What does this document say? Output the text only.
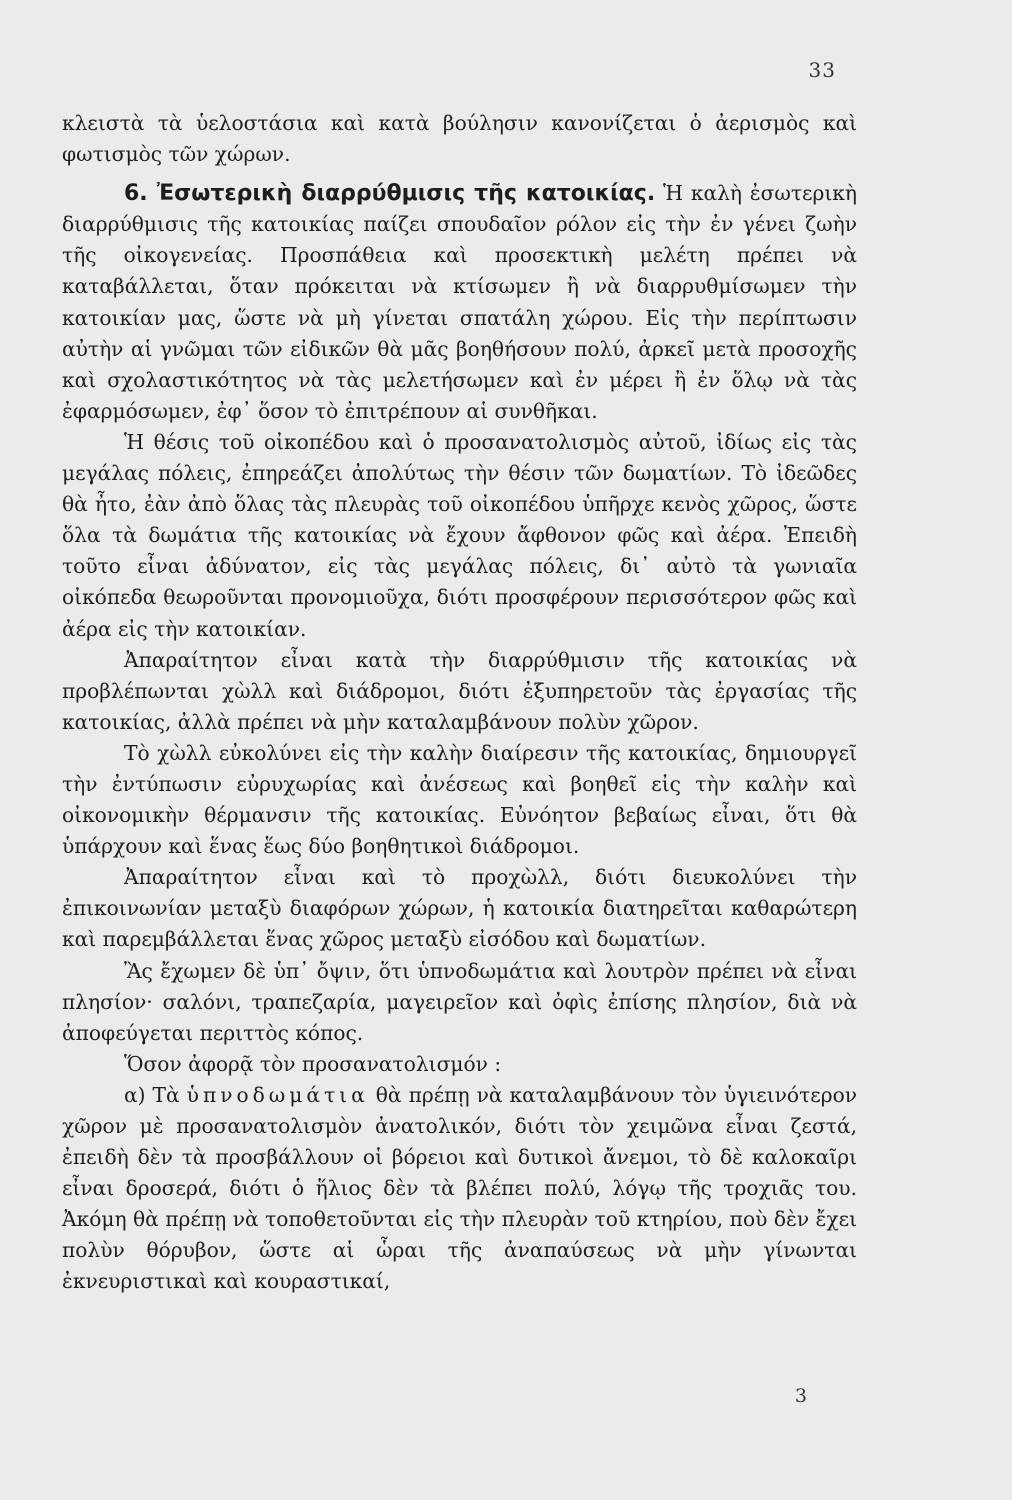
33

κλειστὰ τὰ ὑελοστάσια καὶ κατὰ βούλησιν κανονίζεται ὁ ἀερισμὸς καὶ φωτισμὸς τῶν χώρων.

6. Ἐσωτερικὴ διαρρύθμισις τῆς κατοικίας. Ἡ καλὴ ἐσωτερικὴ διαρρύθμισις τῆς κατοικίας παίζει σπουδαῖον ρόλον εἰς τὴν ἐν γένει ζωὴν τῆς οἰκογενείας. Προσπάθεια καὶ προσεκτικὴ μελέτη πρέπει νὰ καταβάλλεται, ὅταν πρόκειται νὰ κτίσωμεν ἢ νὰ διαρρυθμίσωμεν τὴν κατοικίαν μας, ὥστε νὰ μὴ γίνεται σπατάλη χώρου. Εἰς τὴν περίπτωσιν αὐτὴν αἱ γνῶμαι τῶν εἰδικῶν θὰ μᾶς βοηθήσουν πολύ, ἀρκεῖ μετὰ προσοχῆς καὶ σχολαστικότητος νὰ τὰς μελετήσωμεν καὶ ἐν μέρει ἢ ἐν ὅλῳ νὰ τὰς ἐφαρμόσωμεν, ἐφ᾽ ὅσον τὸ ἐπιτρέπουν αἱ συνθῆκαι.

Ἡ θέσις τοῦ οἰκοπέδου καὶ ὁ προσανατολισμὸς αὐτοῦ, ἰδίως εἰς τὰς μεγάλας πόλεις, ἐπηρεάζει ἀπολύτως τὴν θέσιν τῶν δωματίων. Τὸ ἰδεῶδες θὰ ἦτο, ἐὰν ἀπὸ ὅλας τὰς πλευρὰς τοῦ οἰκοπέδου ὑπῆρχε κενὸς χῶρος, ὥστε ὅλα τὰ δωμάτια τῆς κατοικίας νὰ ἔχουν ἄφθονον φῶς καὶ ἀέρα. Ἐπειδὴ τοῦτο εἶναι ἀδύνατον, εἰς τὰς μεγάλας πόλεις, δι᾽ αὐτὸ τὰ γωνιαῖα οἰκόπεδα θεωροῦνται προνομιοῦχα, διότι προσφέρουν περισσότερον φῶς καὶ ἀέρα εἰς τὴν κατοικίαν.

Ἀπαραίτητον εἶναι κατὰ τὴν διαρρύθμισιν τῆς κατοικίας νὰ προβλέπωνται χὼλλ καὶ διάδρομοι, διότι ἐξυπηρετοῦν τὰς ἐργασίας τῆς κατοικίας, ἀλλὰ πρέπει νὰ μὴν καταλαμβάνουν πολὺν χῶρον.

Τὸ χὼλλ εὐκολύνει εἰς τὴν καλὴν διαίρεσιν τῆς κατοικίας, δημιουργεῖ τὴν ἐντύπωσιν εὐρυχωρίας καὶ ἀνέσεως καὶ βοηθεῖ εἰς τὴν καλὴν καὶ οἰκονομικὴν θέρμανσιν τῆς κατοικίας. Εὐνόητον βεβαίως εἶναι, ὅτι θὰ ὑπάρχουν καὶ ἕνας ἕως δύο βοηθητικοὶ διάδρομοι.

Ἀπαραίτητον εἶναι καὶ τὸ προχὼλλ, διότι διευκολύνει τὴν ἐπικοινωνίαν μεταξὺ διαφόρων χώρων, ἡ κατοικία διατηρεῖται καθαρώτερη καὶ παρεμβάλλεται ἕνας χῶρος μεταξὺ εἰσόδου καὶ δωματίων.

Ἂς ἔχωμεν δὲ ὑπ᾽ ὄψιν, ὅτι ὑπνοδωμάτια καὶ λουτρὸν πρέπει νὰ εἶναι πλησίον· σαλόνι, τραπεζαρία, μαγειρεῖον καὶ ὀφὶς ἐπίσης πλησίον, διὰ νὰ ἀποφεύγεται περιττὸς κόπος.

Ὅσον ἀφορᾷ τὸν προσανατολισμόν :

α) Τὰ ὑπνοδωμάτια θὰ πρέπῃ νὰ καταλαμβάνουν τὸν ὑγιεινότερον χῶρον μὲ προσανατολισμὸν ἀνατολικόν, διότι τὸν χειμῶνα εἶναι ζεστά, ἐπειδὴ δὲν τὰ προσβάλλουν οἱ βόρειοι καὶ δυτικοὶ ἄνεμοι, τὸ δὲ καλοκαῖρι εἶναι δροσερά, διότι ὁ ἥλιος δὲν τὰ βλέπει πολύ, λόγῳ τῆς τροχιᾶς του. Ἀκόμη θὰ πρέπῃ νὰ τοποθετοῦνται εἰς τὴν πλευρὰν τοῦ κτηρίου, ποὺ δὲν ἔχει πολὺν θόρυβον, ὥστε αἱ ὧραι τῆς ἀναπαύσεως νὰ μὴν γίνωνται ἐκνευριστικαὶ καὶ κουραστικαί,

3
